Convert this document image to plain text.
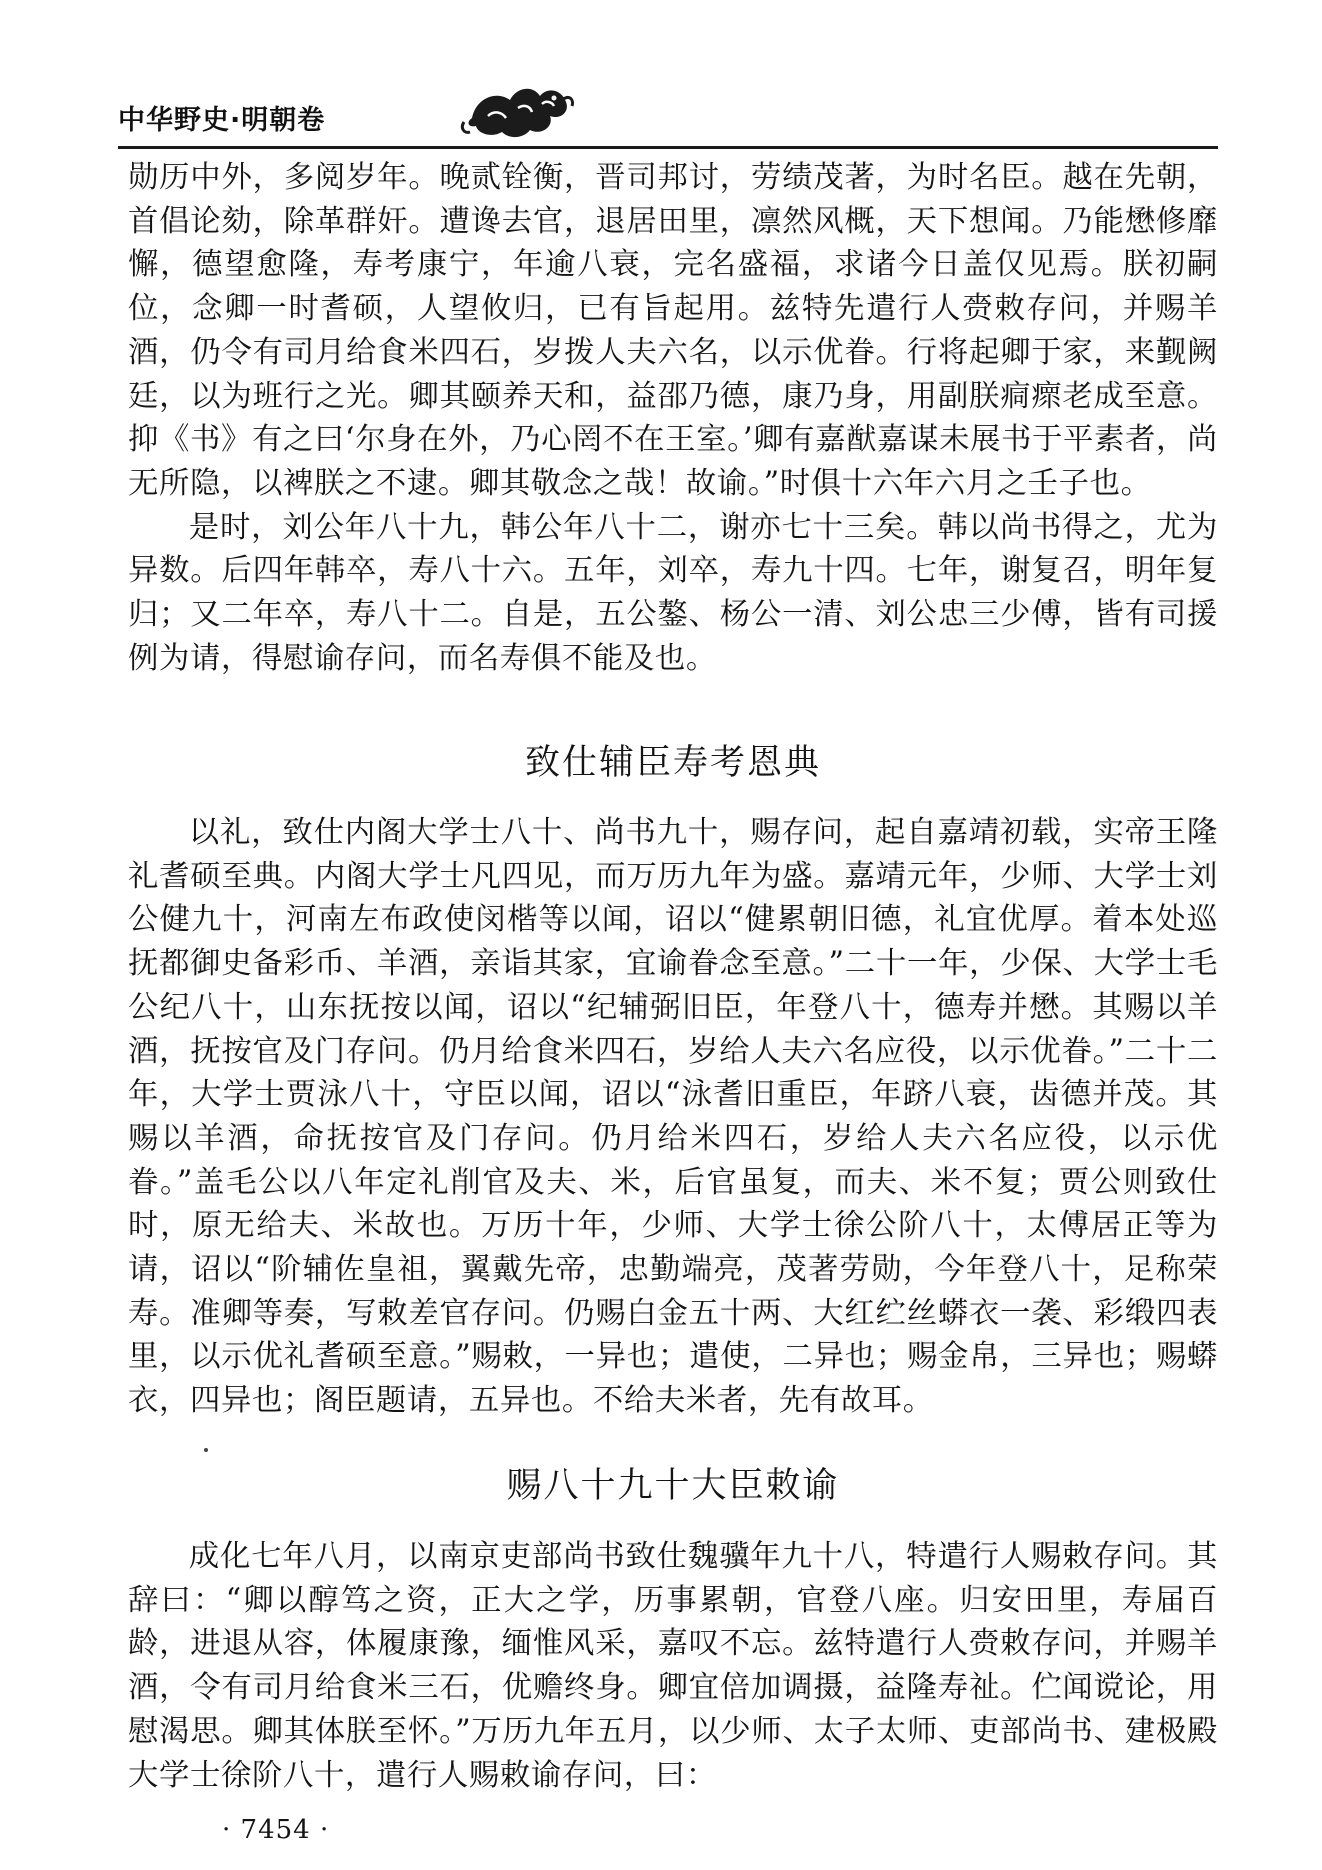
中华野史·明朝卷

勋历中外，多阅岁年。晚贰铨衡，晋司邦讨，劳绩茂著，为时名臣。越在先朝，首倡论劾，除革群奸。遭谗去官，退居田里，凛然风概，天下想闻。乃能懋修靡懈，德望愈隆，寿考康宁，年逾八衰，完名盛福，求诸今日盖仅见焉。朕初嗣位，念卿一时耆硕，人望攸归，已有旨起用。兹特先遣行人赍敕存问，并赐羊酒，仍令有司月给食米四石，岁拨人夫六名，以示优眷。行将起卿于家，来觐阙廷，以为班行之光。卿其颐养天和，益邵乃德，康乃身，用副朕痌瘝老成至意。抑《书》有之曰‘尔身在外，乃心罔不在王室。’卿有嘉猷嘉谋未展书于平素者，尚无所隐，以裨朕之不逮。卿其敬念之哉！故谕。”时俱十六年六月之壬子也。

是时，刘公年八十九，韩公年八十二，谢亦七十三矣。韩以尚书得之，尤为异数。后四年韩卒，寿八十六。五年，刘卒，寿九十四。七年，谢复召，明年复归；又二年卒，寿八十二。自是，五公鏊、杨公一清、刘公忠三少傅，皆有司援例为请，得慰谕存问，而名寿俱不能及也。

致仕辅臣寿考恩典

以礼，致仕内阁大学士八十、尚书九十，赐存问，起自嘉靖初载，实帝王隆礼耆硕至典。内阁大学士凡四见，而万历九年为盛。嘉靖元年，少师、大学士刘公健九十，河南左布政使闵楷等以闻，诏以“健累朝旧德，礼宜优厚。着本处巡抚都御史备彩币、羊酒，亲诣其家，宜谕眷念至意。”二十一年，少保、大学士毛公纪八十，山东抚按以闻，诏以“纪辅弼旧臣，年登八十，德寿并懋。其赐以羊酒，抚按官及门存问。仍月给食米四石，岁给人夫六名应役，以示优眷。”二十二年，大学士贾泳八十，守臣以闻，诏以“泳耆旧重臣，年跻八衰，齿德并茂。其赐以羊酒，命抚按官及门存问。仍月给米四石，岁给人夫六名应役，以示优眷。”盖毛公以八年定礼削官及夫、米，后官虽复，而夫、米不复；贾公则致仕时，原无给夫、米故也。万历十年，少师、大学士徐公阶八十，太傅居正等为请，诏以“阶辅佐皇祖，翼戴先帝，忠勤端亮，茂著劳勋，今年登八十，足称荣寿。准卿等奏，写敕差官存问。仍赐白金五十两、大红纻丝蟒衣一袭、彩缎四表里，以示优礼耆硕至意。”赐敕，一异也；遣使，二异也；赐金帛，三异也；赐蟒衣，四异也；阁臣题请，五异也。不给夫米者，先有故耳。

赐八十九十大臣敕谕

成化七年八月，以南京吏部尚书致仕魏骥年九十八，特遣行人赐敕存问。其辞曰：“卿以醇笃之资，正大之学，历事累朝，官登八座。归安田里，寿届百龄，进退从容，体履康豫，缅惟风采，嘉叹不忘。兹特遣行人赍敕存问，并赐羊酒，令有司月给食米三石，优赡终身。卿宜倍加调摄，益隆寿祉。伫闻谠论，用慰渴思。卿其体朕至怀。”万历九年五月，以少师、太子太师、吏部尚书、建极殿大学士徐阶八十，遣行人赐敕谕存问，曰：

· 7454 ·
